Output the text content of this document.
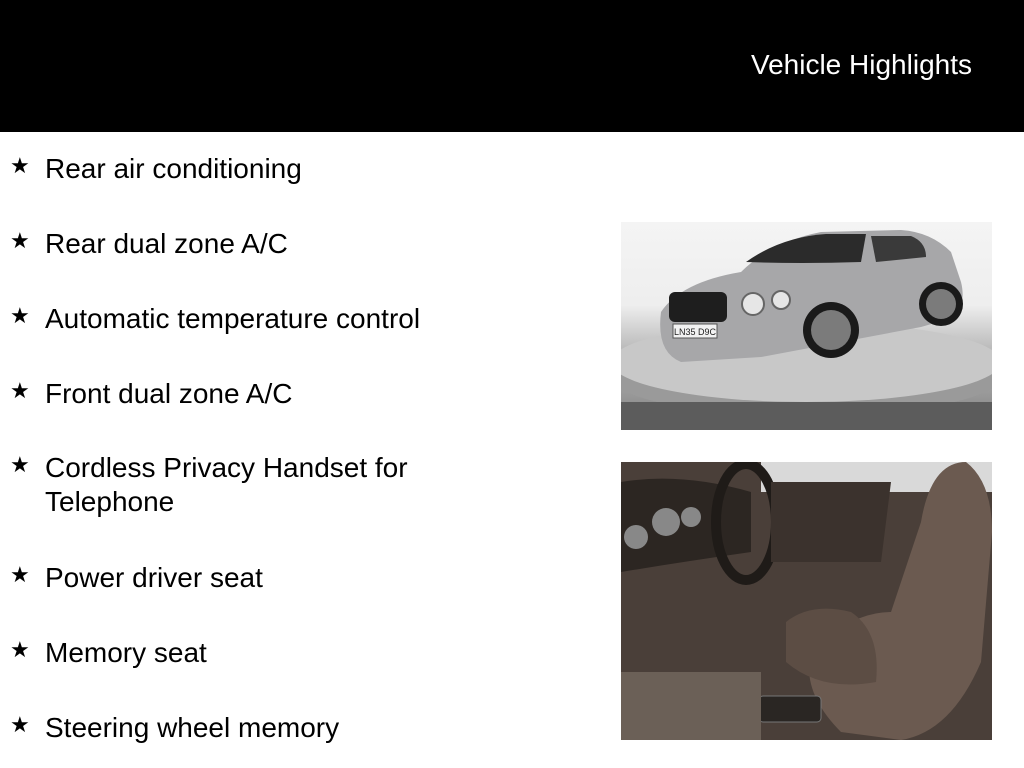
Vehicle Highlights
★ Rear air conditioning
★ Rear dual zone A/C
★ Automatic temperature control
★ Front dual zone A/C
★ Cordless Privacy Handset for Telephone
★ Power driver seat
★ Memory seat
★ Steering wheel memory
LN35 D9C
